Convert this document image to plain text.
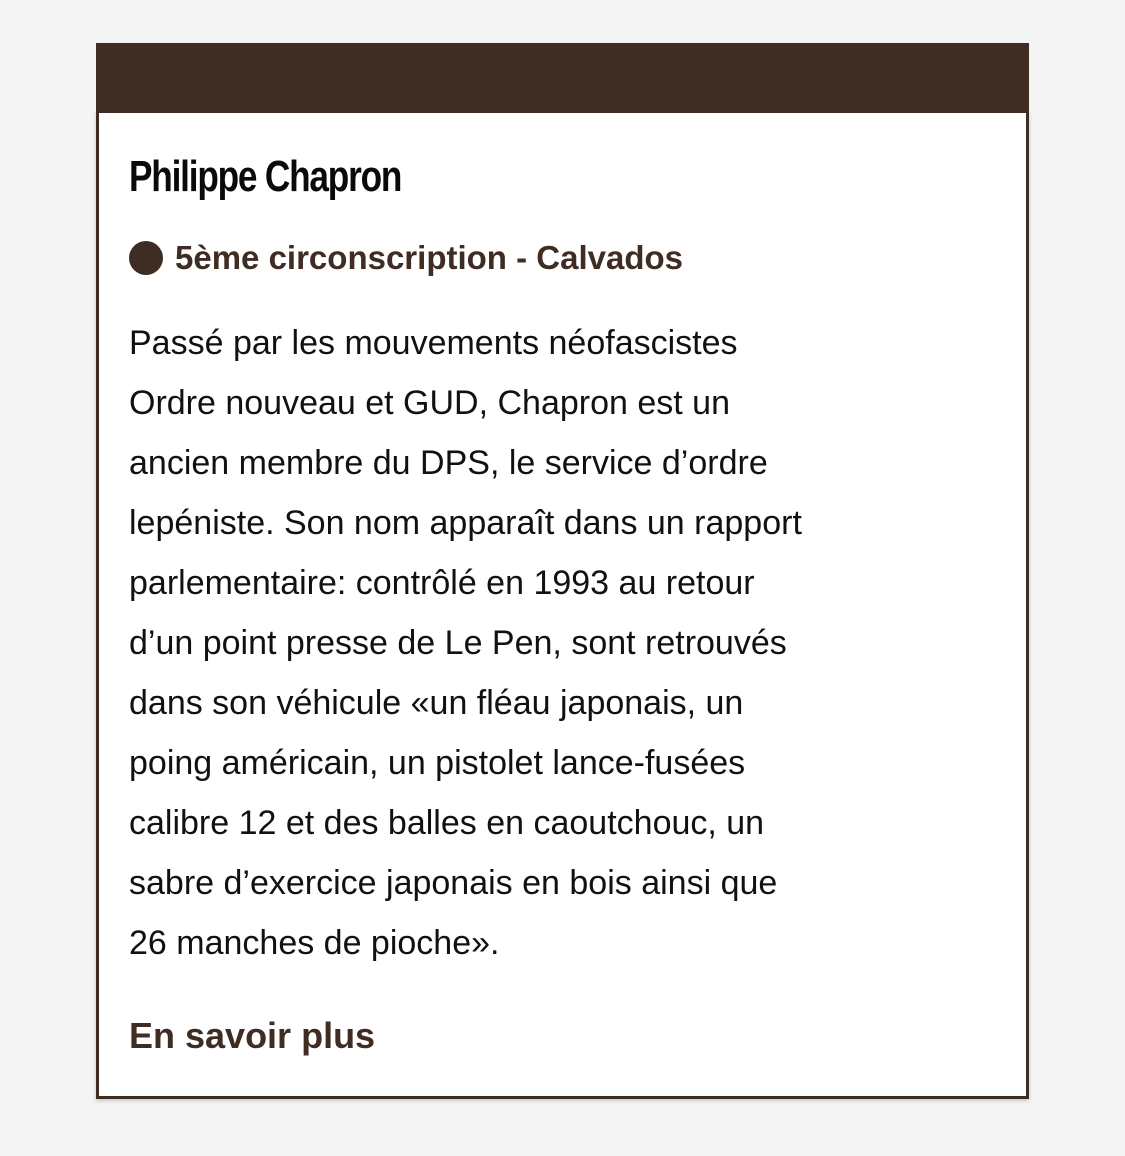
Philippe Chapron
5ème circonscription - Calvados

Passé par les mouvements néofascistes
Ordre nouveau et GUD, Chapron est un
ancien membre du DPS, le service d’ordre
lepéniste. Son nom apparaît dans un rapport
parlementaire: contrôlé en 1993 au retour
d’un point presse de Le Pen, sont retrouvés
dans son véhicule «un fléau japonais, un
poing américain, un pistolet lance-fusées
calibre 12 et des balles en caoutchouc, un
sabre d’exercice japonais en bois ainsi que
26 manches de pioche».

En savoir plus
